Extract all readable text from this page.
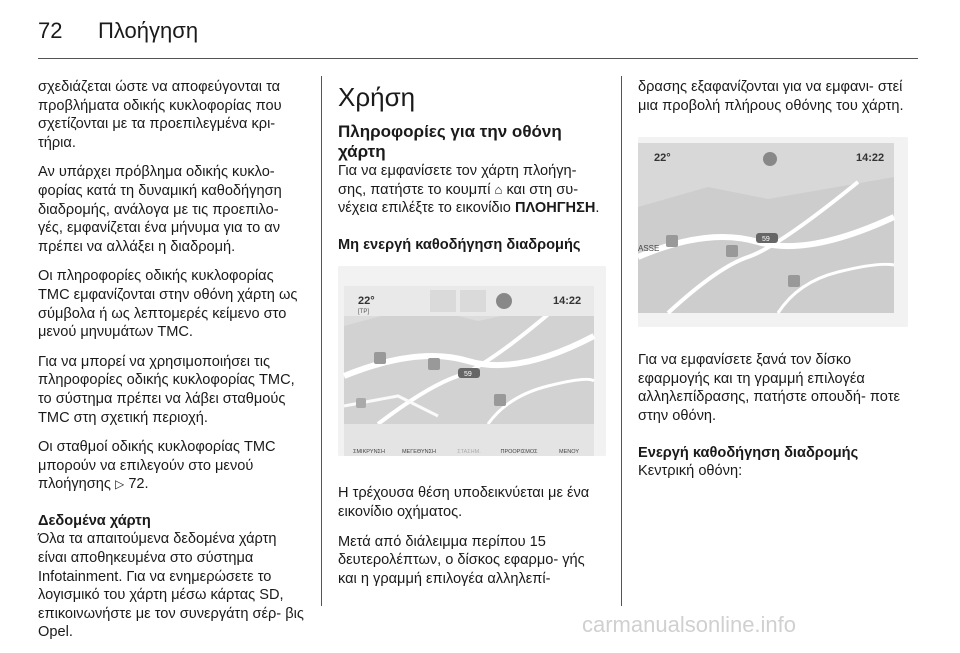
72 Πλοήγηση

σχεδιάζεται ώστε να αποφεύγονται τα προβλήματα οδικής κυκλοφορίας που σχετίζονται με τα προεπιλεγμένα κρι- τήρια.

Αν υπάρχει πρόβλημα οδικής κυκλο- φορίας κατά τη δυναμική καθοδήγηση διαδρομής, ανάλογα με τις προεπιλο- γές, εμφανίζεται ένα μήνυμα για το αν πρέπει να αλλάξει η διαδρομή.

Οι πληροφορίες οδικής κυκλοφορίας TMC εμφανίζονται στην οθόνη χάρτη ως σύμβολα ή ως λεπτομερές κείμενο στο μενού μηνυμάτων TMC.

Για να μπορεί να χρησιμοποιήσει τις πληροφορίες οδικής κυκλοφορίας TMC, το σύστημα πρέπει να λάβει σταθμούς TMC στη σχετική περιοχή.

Οι σταθμοί οδικής κυκλοφορίας TMC μπορούν να επιλεγούν στο μενού πλοήγησης ▷ 72.

Δεδομένα χάρτη

Όλα τα απαιτούμενα δεδομένα χάρτη είναι αποθηκευμένα στο σύστημα Infotainment. Για να ενημερώσετε το λογισμικό του χάρτη μέσω κάρτας SD, επικοινωνήστε με τον συνεργάτη σέρ- βις Opel.

Χρήση

Πληροφορίες για την οθόνη χάρτη

Για να εμφανίσετε τον χάρτη πλοήγη- σης, πατήστε το κουμπί ⌂ και στη συ- νέχεια επιλέξτε το εικονίδιο ΠΛΟΗΓΗΣΗ.

Μη ενεργή καθοδήγηση διαδρομής

22°
[TP]
14:22
59
ΣΜΙΚΡΥΝΣΗ	ΜΕΓΕΘΥΝΣΗ	ΣΤΑΣΗΜ.	ΠΡΟΟΡΙΣΜΟΣ	ΜΕΝΟΥ

Η τρέχουσα θέση υποδεικνύεται με ένα εικονίδιο οχήματος.

Μετά από διάλειμμα περίπου 15 δευτερολέπτων, ο δίσκος εφαρμο- γής και η γραμμή επιλογέα αλληλεπί-

δρασης εξαφανίζονται για να εμφανι- στεί μια προβολή πλήρους οθόνης του χάρτη.

22°	14:22
59
ASSE

Για να εμφανίσετε ξανά τον δίσκο εφαρμογής και τη γραμμή επιλογέα αλληλεπίδρασης, πατήστε οπουδή- ποτε στην οθόνη.

Ενεργή καθοδήγηση διαδρομής

Κεντρική οθόνη:

carmanualsonline.info
